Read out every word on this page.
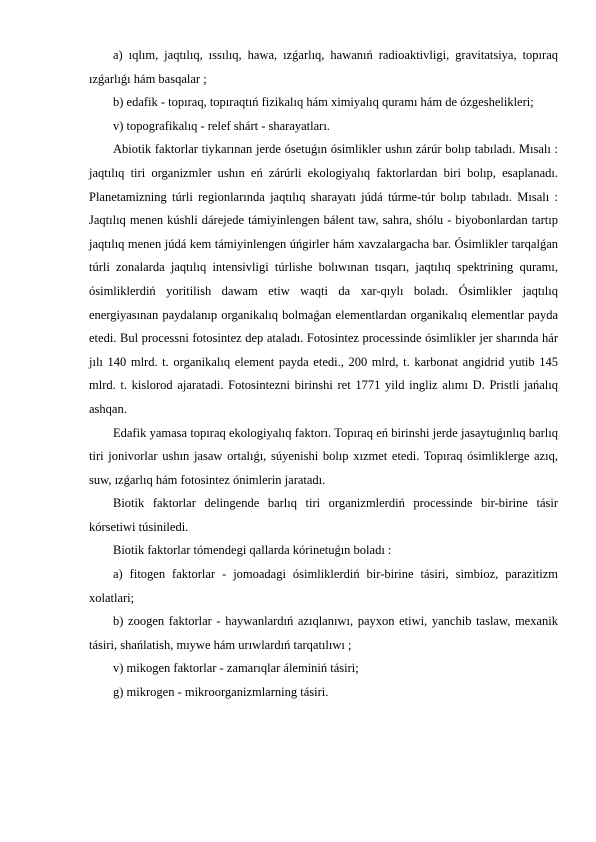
a) ıqlım, jaqtılıq, ıssılıq, hawa, ızǵarlıq, hawanıń radioaktivligi, gravitatsiya, topıraq ızǵarlıǵı hám basqalar ;

b) edafik - topıraq, topıraqtıń fizikalıq hám ximiyalıq quramı hám de ózgeshelikleri;

v) topografikalıq - relef shárt - sharayatları.

Abiotik faktorlar tiykarınan jerde ósetuǵın ósimlikler ushın zárúr bolıp tabıladı. Mısalı : jaqtılıq tiri organizmler ushın eń zárúrli ekologiyalıq faktorlardan biri bolıp, esaplanadı. Planetamizning túrli regionlarında jaqtılıq sharayatı júdá túrme-túr bolıp tabıladı. Mısalı : Jaqtılıq menen kúshli dárejede támiyinlengen bálent taw, sahra, shólu - biyobonlardan tartıp jaqtılıq menen júdá kem támiyinlengen úńgirler hám xavzalargacha bar. Ósimlikler tarqalǵan túrli zonalarda jaqtılıq intensivligi túrlishe bolıwınan tısqarı, jaqtılıq spektrining quramı, ósimliklerdiń yoritilish dawam etiw waqti da xar-qıylı boladı. Ósimlikler jaqtılıq energiyasınan paydalanıp organikalıq bolmaǵan elementlardan organikalıq elementlar payda etedi. Bul processni fotosintez dep ataladı. Fotosintez processinde ósimlikler jer sharında hár jılı 140 mlrd. t. organikalıq element payda etedi., 200 mlrd, t. karbonat angidrid yutib 145 mlrd. t. kislorod ajaratadi. Fotosintezni birinshi ret 1771 yild ingliz alımı D. Pristli jańalıq ashqan.

Edafik yamasa topıraq ekologiyalıq faktorı. Topıraq eń birinshi jerde jasaytuǵınlıq barlıq tiri jonivorlar ushın jasaw ortalıǵı, súyenishi bolıp xızmet etedi. Topıraq ósimliklerge azıq, suw, ızǵarlıq hám fotosintez ónimlerin jaratadı.

Biotik faktorlar delingende barlıq tiri organizmlerdiń processinde bir-birine tásir kórsetiwi túsiniledi.

Biotik faktorlar tómendegi qallarda kórinetuǵın boladı :

a) fitogen faktorlar - jomoadagi ósimliklerdiń bir-birine tásiri, simbioz, parazitizm xolatlari;

b) zoogen faktorlar - haywanlardıń azıqlanıwı, payxon etiwi, yanchib taslaw, mexanik tásiri, shańlatish, mıywe hám urıwlardıń tarqatılıwı ;

v) mikogen faktorlar - zamarıqlar áleminiń tásiri;

g) mikrogen - mikroorganizmlarning tásiri.
